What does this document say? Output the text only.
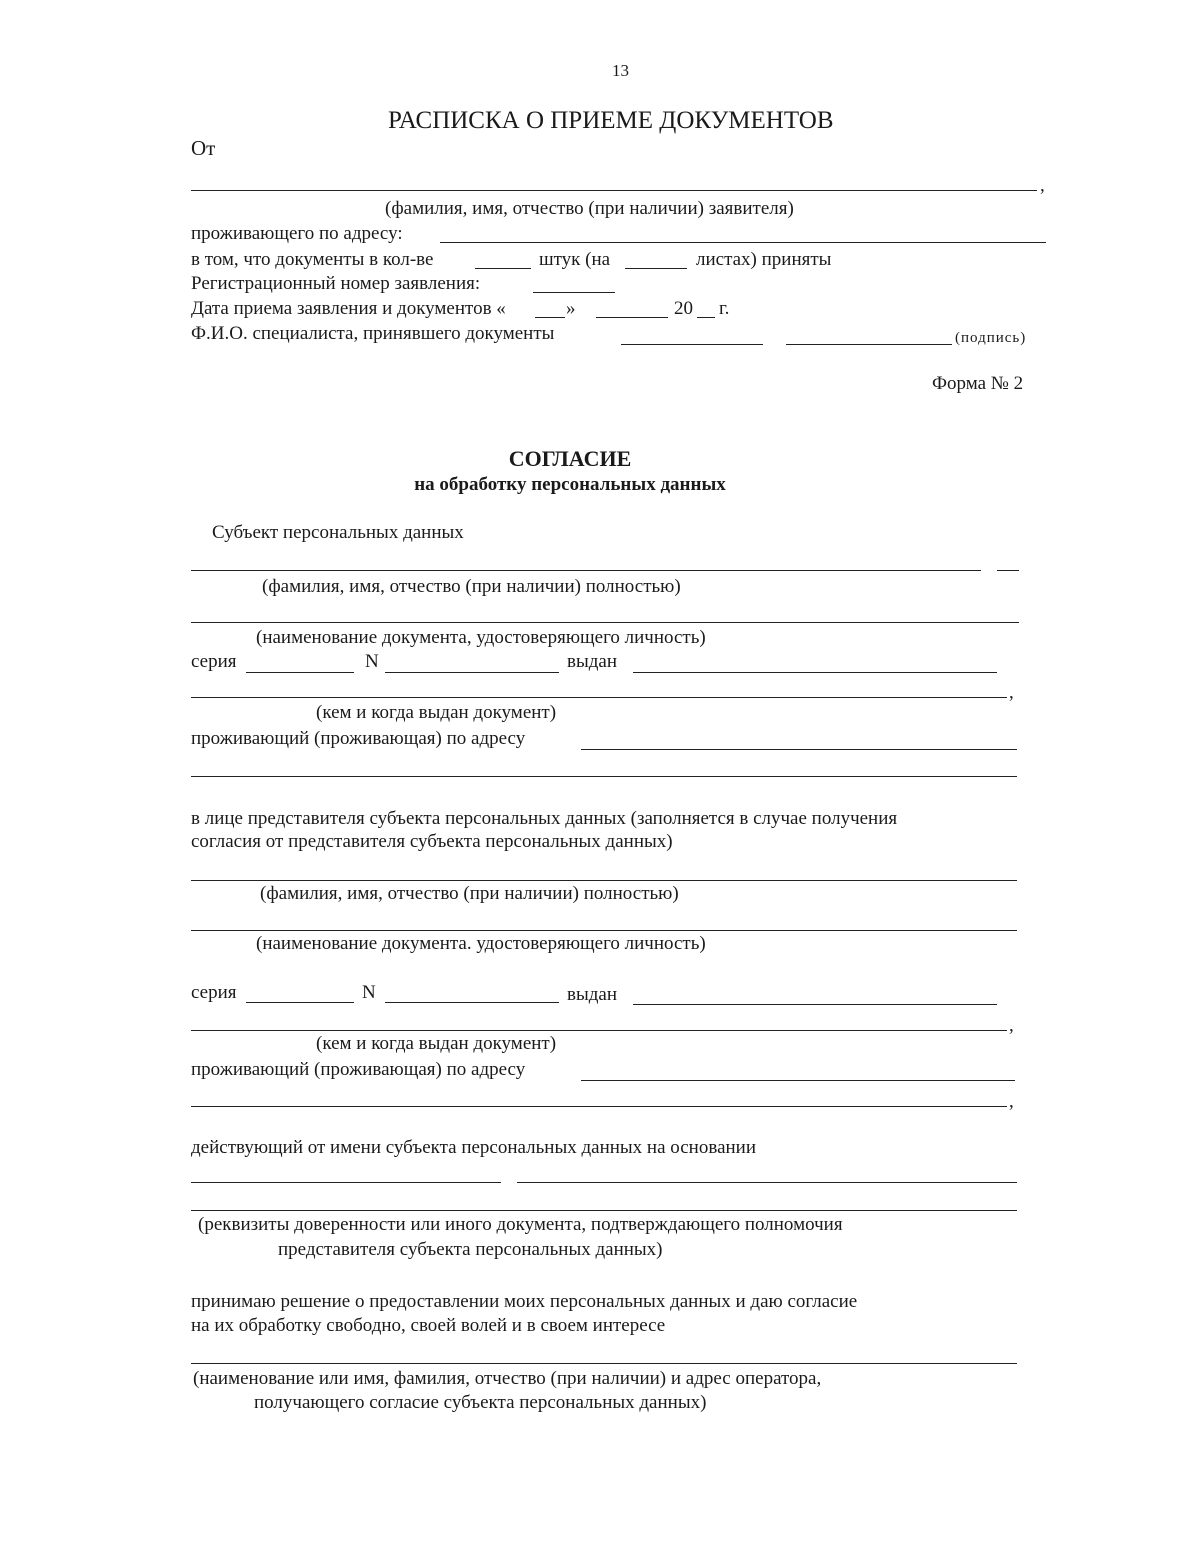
13
РАСПИСКА О ПРИЕМЕ ДОКУМЕНТОВ
От
,
(фамилия, имя, отчество (при наличии) заявителя)
проживающего по адресу:
в том, что документы в кол-ве	штук (на	листах) приняты
Регистрационный номер заявления:
Дата приема заявления и документов «	»	20 г.
Ф.И.О. специалиста, принявшего документы	(подпись)
Форма № 2
СОГЛАСИЕ
на обработку персональных данных
Субъект персональных данных
(фамилия, имя, отчество (при наличии) полностью)
(наименование документа, удостоверяющего личность)
серия	N	выдан
,
(кем и когда выдан документ)
проживающий (проживающая) по адресу
в лице представителя субъекта персональных данных (заполняется в случае получения
согласия от представителя субъекта персональных данных)
(фамилия, имя, отчество (при наличии) полностью)
(наименование документа. удостоверяющего личность)
серия	N	выдан
,
(кем и когда выдан документ)
проживающий (проживающая) по адресу
,
действующий от имени субъекта персональных данных на основании
(реквизиты доверенности или иного документа, подтверждающего полномочия
представителя субъекта персональных данных)
принимаю решение о предоставлении моих персональных данных и даю согласие
на их обработку свободно, своей волей и в своем интересе
(наименование или имя, фамилия, отчество (при наличии) и адрес оператора,
получающего согласие субъекта персональных данных)
